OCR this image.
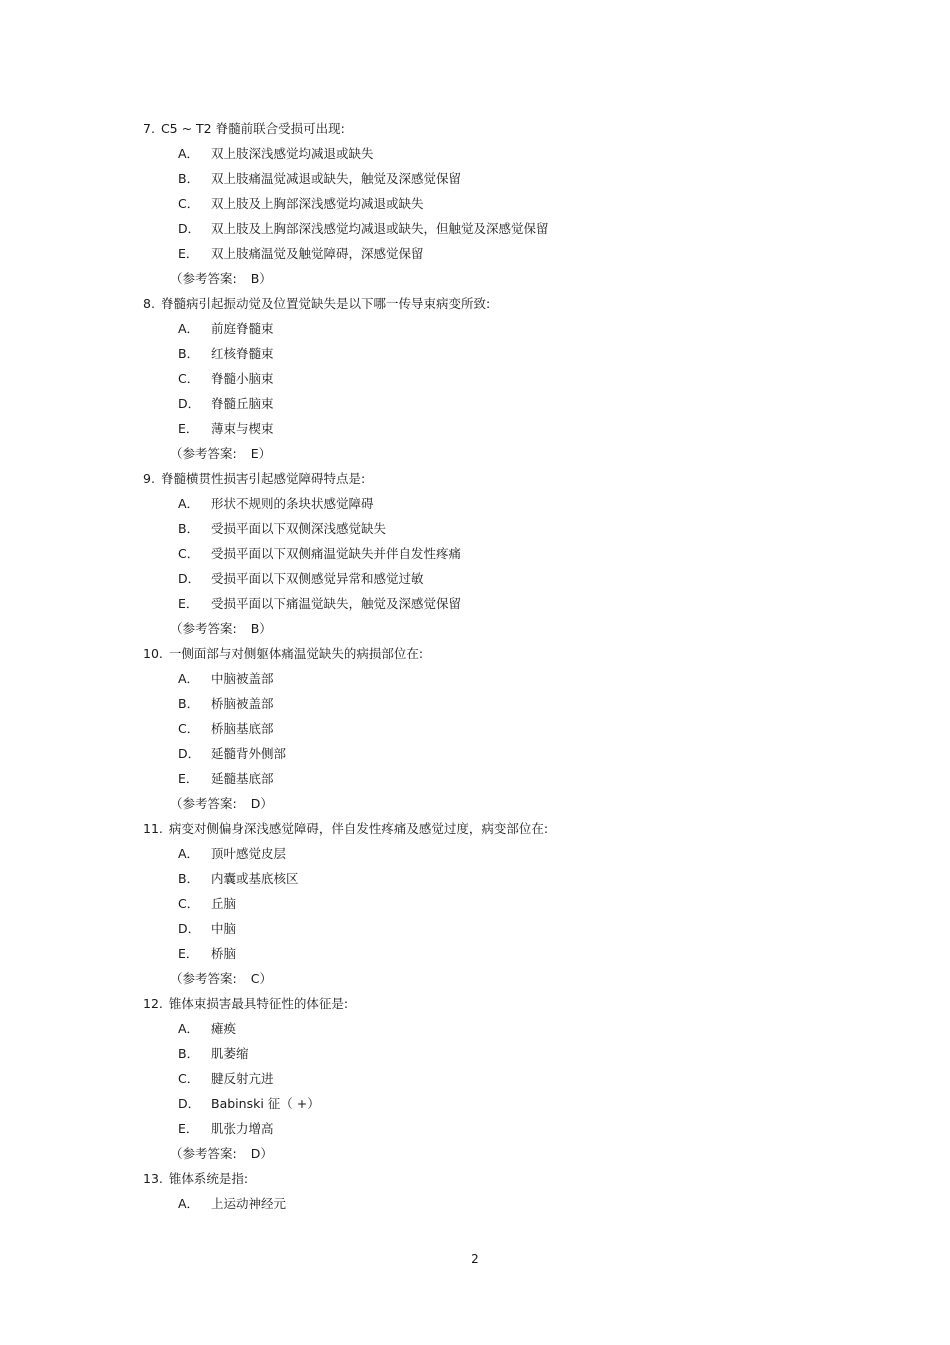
7. C5 ~ T2 脊髓前联合受损可出现:
A． 双上肢深浅感觉均减退或缺失
B． 双上肢痛温觉减退或缺失，触觉及深感觉保留
C． 双上肢及上胸部深浅感觉均减退或缺失
D． 双上肢及上胸部深浅感觉均减退或缺失，但触觉及深感觉保留
E． 双上肢痛温觉及触觉障碍，深感觉保留
（参考答案: B）
8. 脊髓病引起振动觉及位置觉缺失是以下哪一传导束病变所致:
A． 前庭脊髓束
B． 红核脊髓束
C． 脊髓小脑束
D． 脊髓丘脑束
E． 薄束与楔束
（参考答案: E）
9. 脊髓横贯性损害引起感觉障碍特点是:
A． 形状不规则的条块状感觉障碍
B． 受损平面以下双侧深浅感觉缺失
C． 受损平面以下双侧痛温觉缺失并伴自发性疼痛
D． 受损平面以下双侧感觉异常和感觉过敏
E． 受损平面以下痛温觉缺失，触觉及深感觉保留
（参考答案: B）
10. 一侧面部与对侧躯体痛温觉缺失的病损部位在:
A． 中脑被盖部
B． 桥脑被盖部
C． 桥脑基底部
D． 延髓背外侧部
E． 延髓基底部
（参考答案: D）
11. 病变对侧偏身深浅感觉障碍，伴自发性疼痛及感觉过度，病变部位在:
A． 顶叶感觉皮层
B． 内囊或基底核区
C． 丘脑
D． 中脑
E． 桥脑
（参考答案: C）
12. 锥体束损害最具特征性的体征是:
A． 瘫痪
B． 肌萎缩
C． 腱反射亢进
D． Babinski 征（ +）
E． 肌张力增高
（参考答案: D）
13. 锥体系统是指:
A． 上运动神经元
2
